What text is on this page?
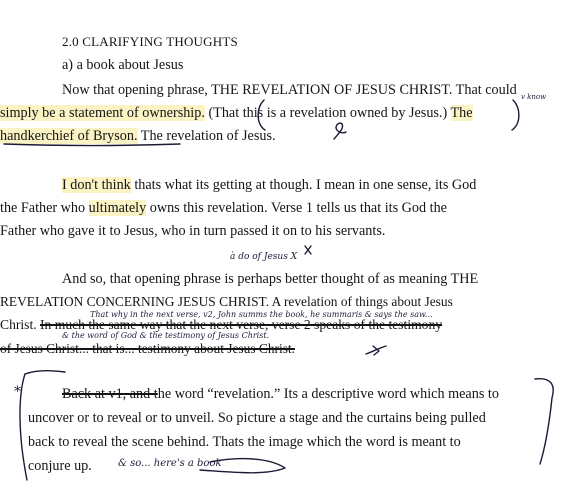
2.0 CLARIFYING THOUGHTS
a) a book about Jesus
Now that opening phrase, THE REVELATION OF JESUS CHRIST. That could
simply be a statement of ownership. (That this is a revelation owned by Jesus.) The
handkerchief of Bryson. The revelation of Jesus.
I don't think thats what its getting at though. I mean in one sense, its God
the Father who ultimately owns this revelation. Verse 1 tells us that its God the
Father who gave it to Jesus, who in turn passed it on to his servants.
And so, that opening phrase is perhaps better thought of as meaning THE
REVELATION CONCERNING JESUS CHRIST. A revelation of things about Jesus
Christ. In much the same way that the next verse, verse 2 speaks of the testimony
of Jesus Christ... that is... testimony about Jesus Christ.
Back at v1, and the word “revelation.” Its a descriptive word which means to
uncover or to reveal or to unveil. So picture a stage and the curtains being pulled
back to reveal the scene behind. Thats the image which the word is meant to
conjure up.
v know
à do of Jesus X
That why in the next verse, v2, John summs the book, he summaris & says the saw...
& the word of God & the testimony of Jesus Christ.
*
& so... here's a book
